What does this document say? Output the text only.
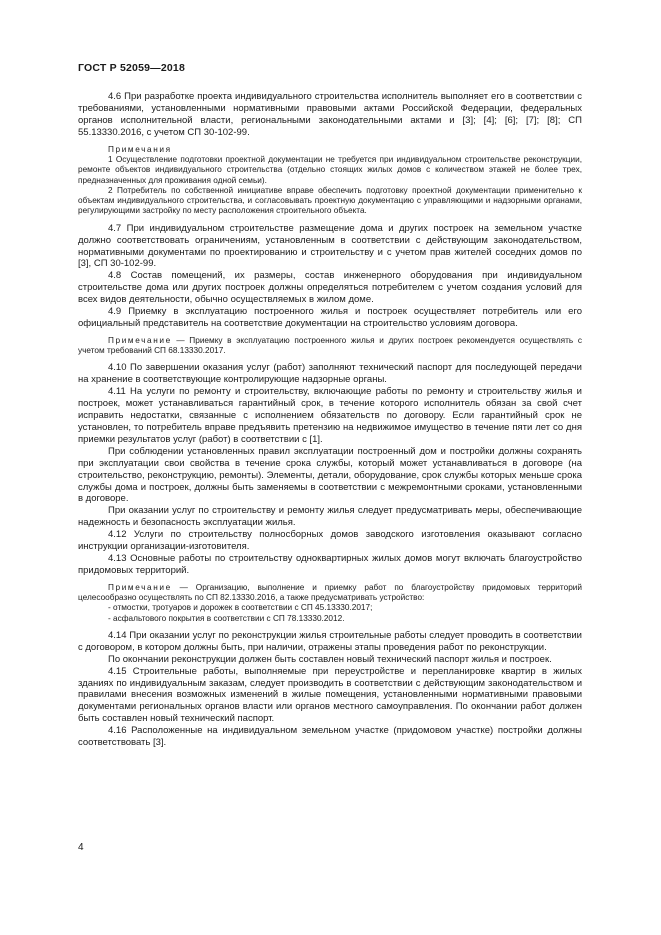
ГОСТ Р 52059—2018

4.6 При разработке проекта индивидуального строительства исполнитель выполняет его в соответствии с требованиями, установленными нормативными правовыми актами Российской Федерации, федеральных органов исполнительной власти, региональными законодательными актами и [3]; [4]; [6]; [7]; [8]; СП 55.13330.2016, с учетом СП 30-102-99.

Примечания

1 Осуществление подготовки проектной документации не требуется при индивидуальном строительстве реконструкции, ремонте объектов индивидуального строительства (отдельно стоящих жилых домов с количеством этажей не более трех, предназначенных для проживания одной семьи).

2 Потребитель по собственной инициативе вправе обеспечить подготовку проектной документации применительно к объектам индивидуального строительства, и согласовывать проектную документацию с управляющими и надзорными органами, регулирующими застройку по месту расположения строительного объекта.

4.7 При индивидуальном строительстве размещение дома и других построек на земельном участке должно соответствовать ограничениям, установленным в соответствии с действующим законодательством, нормативными документами по проектированию и строительству и с учетом прав жителей соседних домов по [3], СП 30-102-99.

4.8 Состав помещений, их размеры, состав инженерного оборудования при индивидуальном строительстве дома или других построек должны определяться потребителем с учетом создания условий для всех видов деятельности, обычно осуществляемых в жилом доме.

4.9 Приемку в эксплуатацию построенного жилья и построек осуществляет потребитель или его официальный представитель на соответствие документации на строительство условиям договора.

Примечание — Приемку в эксплуатацию построенного жилья и других построек рекомендуется осуществлять с учетом требований СП 68.13330.2017.

4.10 По завершении оказания услуг (работ) заполняют технический паспорт для последующей передачи на хранение в соответствующие контролирующие надзорные органы.

4.11 На услуги по ремонту и строительству, включающие работы по ремонту и строительству жилья и построек, может устанавливаться гарантийный срок, в течение которого исполнитель обязан за свой счет исправить недостатки, связанные с исполнением обязательств по договору. Если гарантийный срок не установлен, то потребитель вправе предъявить претензию на недвижимое имущество в течение пяти лет со дня приемки результатов услуг (работ) в соответствии с [1].

При соблюдении установленных правил эксплуатации построенный дом и постройки должны сохранять при эксплуатации свои свойства в течение срока службы, который может устанавливаться в договоре (на строительство, реконструкцию, ремонты). Элементы, детали, оборудование, срок службы которых меньше срока службы дома и построек, должны быть заменяемы в соответствии с межремонтными сроками, установленными в договоре.

При оказании услуг по строительству и ремонту жилья следует предусматривать меры, обеспечивающие надежность и безопасность эксплуатации жилья.

4.12 Услуги по строительству полносборных домов заводского изготовления оказывают согласно инструкции организации-изготовителя.

4.13 Основные работы по строительству одноквартирных жилых домов могут включать благоустройство придомовых территорий.

Примечание — Организацию, выполнение и приемку работ по благоустройству придомовых территорий целесообразно осуществлять по СП 82.13330.2016, а также предусматривать устройство:

- отмостки, тротуаров и дорожек в соответствии с СП 45.13330.2017;

- асфальтового покрытия в соответствии с СП 78.13330.2012.

4.14 При оказании услуг по реконструкции жилья строительные работы следует проводить в соответствии с договором, в котором должны быть, при наличии, отражены этапы проведения работ по реконструкции.

По окончании реконструкции должен быть составлен новый технический паспорт жилья и построек.

4.15 Строительные работы, выполняемые при переустройстве и перепланировке квартир в жилых зданиях по индивидуальным заказам, следует производить в соответствии с действующим законодательством и правилами внесения возможных изменений в жилые помещения, установленными нормативными правовыми документами региональных органов власти или органов местного самоуправления. По окончании работ должен быть составлен новый технический паспорт.

4.16 Расположенные на индивидуальном земельном участке (придомовом участке) постройки должны соответствовать [3].

4
